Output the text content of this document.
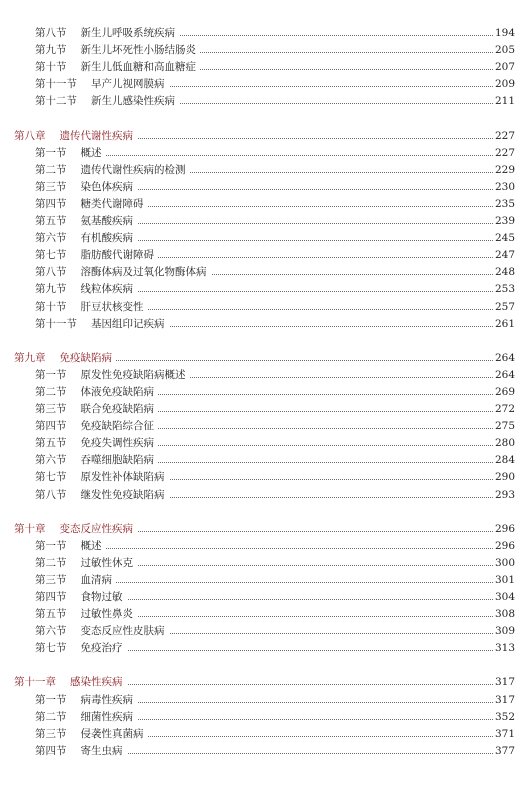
第八节 新生儿呼吸系统疾病	194
第九节 新生儿坏死性小肠结肠炎	205
第十节 新生儿低血糖和高血糖症	207
第十一节 早产儿视网膜病	209
第十二节 新生儿感染性疾病	211
第八章 遗传代谢性疾病	227
第一节 概述	227
第二节 遗传代谢性疾病的检测	229
第三节 染色体疾病	230
第四节 糖类代谢障碍	235
第五节 氨基酸疾病	239
第六节 有机酸疾病	245
第七节 脂肪酸代谢障碍	247
第八节 溶酶体病及过氧化物酶体病	248
第九节 线粒体疾病	253
第十节 肝豆状核变性	257
第十一节 基因组印记疾病	261
第九章 免疫缺陷病	264
第一节 原发性免疫缺陷病概述	264
第二节 体液免疫缺陷病	269
第三节 联合免疫缺陷病	272
第四节 免疫缺陷综合征	275
第五节 免疫失调性疾病	280
第六节 吞噬细胞缺陷病	284
第七节 原发性补体缺陷病	290
第八节 继发性免疫缺陷病	293
第十章 变态反应性疾病	296
第一节 概述	296
第二节 过敏性休克	300
第三节 血清病	301
第四节 食物过敏	304
第五节 过敏性鼻炎	308
第六节 变态反应性皮肤病	309
第七节 免疫治疗	313
第十一章 感染性疾病	317
第一节 病毒性疾病	317
第二节 细菌性疾病	352
第三节 侵袭性真菌病	371
第四节 寄生虫病	377
